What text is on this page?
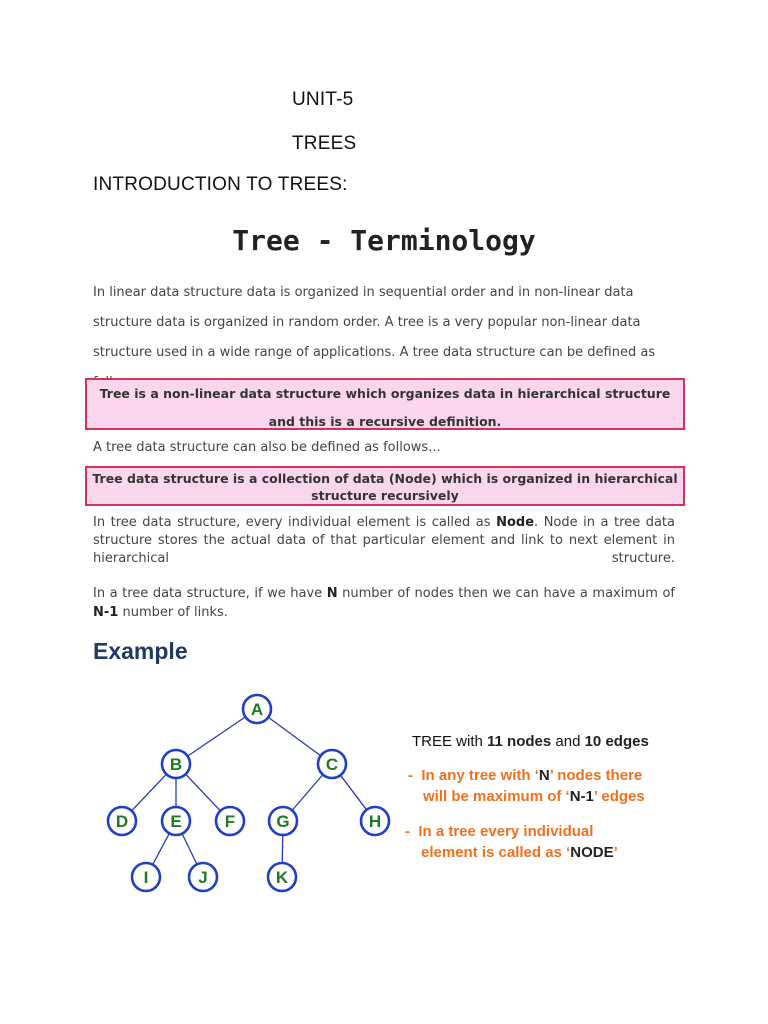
UNIT-5
TREES
INTRODUCTION TO TREES:
Tree - Terminology
In linear data structure data is organized in sequential order and in non-linear data structure data is organized in random order. A tree is a very popular non-linear data structure used in a wide range of applications. A tree data structure can be defined as
Tree is a non-linear data structure which organizes data in hierarchical structure and this is a recursive definition.
A tree data structure can also be defined as follows...
Tree data structure is a collection of data (Node) which is organized in hierarchical structure recursively
In tree data structure, every individual element is called as Node. Node in a tree data structure stores the actual data of that particular element and link to next element in hierarchical structure.
In a tree data structure, if we have N number of nodes then we can have a maximum of N-1 number of links.
Example
A
B	C
D E	F G	H
I	J	K
TREE with 11 nodes and 10 edges
- In any tree with ‘N’ nodes there
will be maximum of ‘N-1’ edges
- In a tree every individual
element is called as ‘NODE’
